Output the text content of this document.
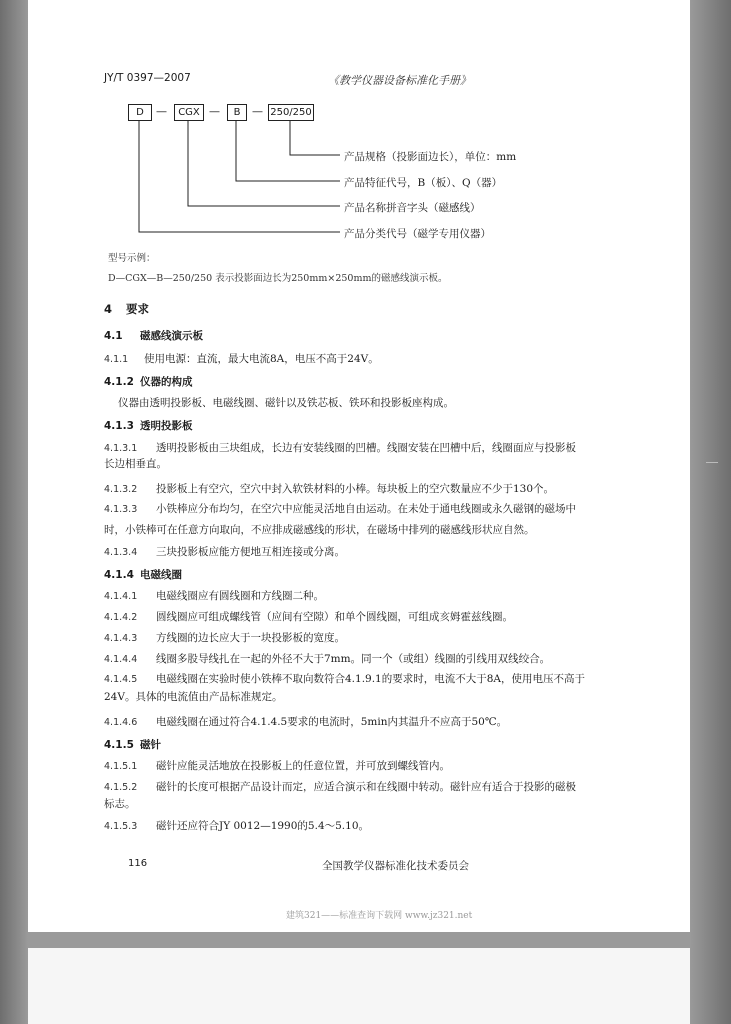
JY/T 0397—2007	《教学仪器设备标准化手册》
D	—	CGX —	B	— 250/250
产品规格（投影面边长），单位：mm
产品特征代号，B（板）、Q（器）
产品名称拼音字头（磁感线）
产品分类代号（磁学专用仪器）
型号示例：
D—CGX—B—250/250 表示投影面边长为250mm×250mm的磁感线演示板。
4 要求
4.1 磁感线演示板
4.1.1 使用电源：直流，最大电流8A，电压不高于24V。
4.1.2 仪器的构成
仪器由透明投影板、电磁线圈、磁针以及铁芯板、铁环和投影板座构成。
4.1.3 透明投影板
4.1.3.1 透明投影板由三块组成，长边有安装线圈的凹槽。线圈安装在凹槽中后，线圈面应与投影板
长边相垂直。
4.1.3.2 投影板上有空穴，空穴中封入软铁材料的小棒。每块板上的空穴数量应不少于130个。
4.1.3.3 小铁棒应分布均匀，在空穴中应能灵活地自由运动。在未处于通电线圈或永久磁钢的磁场中
时，小铁棒可在任意方向取向，不应排成磁感线的形状，在磁场中排列的磁感线形状应自然。
4.1.3.4 三块投影板应能方便地互相连接或分离。
4.1.4 电磁线圈
4.1.4.1 电磁线圈应有圆线圈和方线圈二种。
4.1.4.2 圆线圈应可组成螺线管（应间有空隙）和单个圆线圈，可组成亥姆霍兹线圈。
4.1.4.3 方线圈的边长应大于一块投影板的宽度。
4.1.4.4 线圈多股导线扎在一起的外径不大于7mm。同一个（或组）线圈的引线用双线绞合。
4.1.4.5 电磁线圈在实验时使小铁棒不取向数符合4.1.9.1的要求时，电流不大于8A，使用电压不高于
24V。具体的电流值由产品标准规定。
4.1.4.6 电磁线圈在通过符合4.1.4.5要求的电流时，5min内其温升不应高于50℃。
4.1.5 磁针
4.1.5.1 磁针应能灵活地放在投影板上的任意位置，并可放到螺线管内。
4.1.5.2 磁针的长度可根据产品设计而定，应适合演示和在线圈中转动。磁针应有适合于投影的磁极
标志。
4.1.5.3 磁针还应符合JY 0012—1990的5.4～5.10。
116	全国教学仪器标准化技术委员会
建筑321——标准查询下载网 www.jz321.net
